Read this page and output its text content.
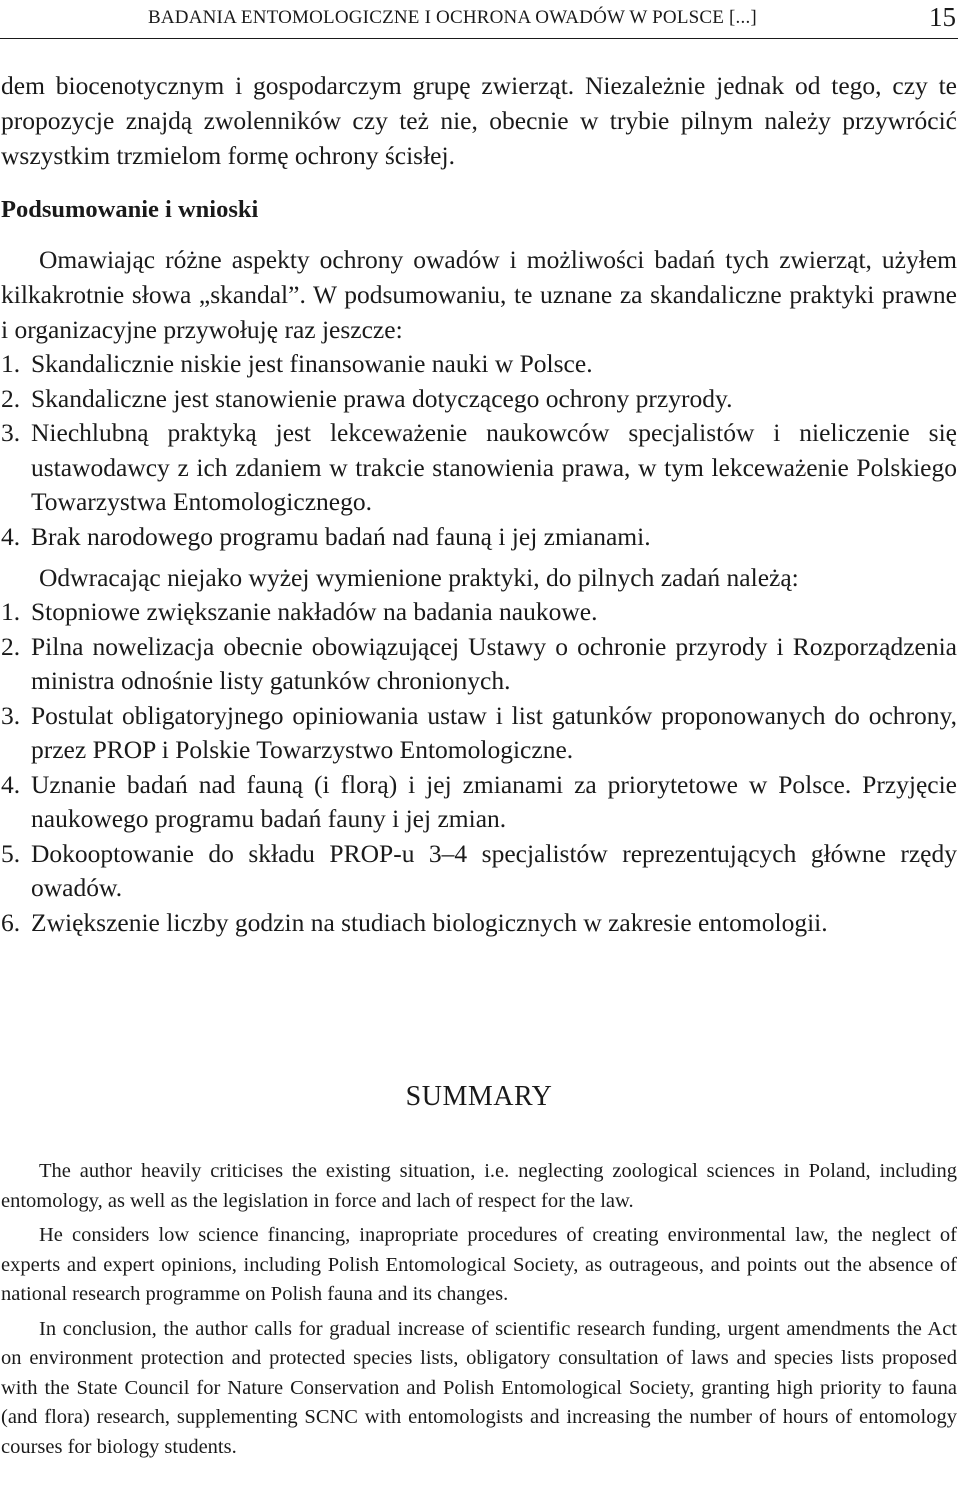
BADANIA ENTOMOLOGICZNE I OCHRONA OWADÓW W POLSCE [...]	15

dem biocenotycznym i gospodarczym grupę zwierząt. Niezależnie jednak od tego, czy te propozycje znajdą zwolenników czy też nie, obecnie w trybie pilnym należy przywrócić wszystkim trzmielom formę ochrony ścisłej.

Podsumowanie i wnioski

Omawiając różne aspekty ochrony owadów i możliwości badań tych zwierząt, użyłem kilkakrotnie słowa „skandal”. W podsumowaniu, te uznane za skandaliczne praktyki prawne i organizacyjne przywołuję raz jeszcze:

1. Skandalicznie niskie jest finansowanie nauki w Polsce.
2. Skandaliczne jest stanowienie prawa dotyczącego ochrony przyrody.
3. Niechlubną praktyką jest lekceważenie naukowców specjalistów i nieliczenie się ustawodawcy z ich zdaniem w trakcie stanowienia prawa, w tym lekceważenie Polskiego Towarzystwa Entomologicznego.
4. Brak narodowego programu badań nad fauną i jej zmianami.

Odwracając niejako wyżej wymienione praktyki, do pilnych zadań należą:

1. Stopniowe zwiększanie nakładów na badania naukowe.
2. Pilna nowelizacja obecnie obowiązującej Ustawy o ochronie przyrody i Rozporządzenia ministra odnośnie listy gatunków chronionych.
3. Postulat obligatoryjnego opiniowania ustaw i list gatunków proponowanych do ochrony, przez PROP i Polskie Towarzystwo Entomologiczne.
4. Uznanie badań nad fauną (i florą) i jej zmianami za priorytetowe w Polsce. Przyjęcie naukowego programu badań fauny i jej zmian.
5. Dokooptowanie do składu PROP-u 3–4 specjalistów reprezentujących główne rzędy owadów.
6. Zwiększenie liczby godzin na studiach biologicznych w zakresie entomologii.
SUMMARY

The author heavily criticises the existing situation, i.e. neglecting zoological sciences in Poland, including entomology, as well as the legislation in force and lach of respect for the law.

He considers low science financing, inapropriate procedures of creating environmental law, the neglect of experts and expert opinions, including Polish Entomological Society, as outrageous, and points out the absence of national research programme on Polish fauna and its changes.

In conclusion, the author calls for gradual increase of scientific research funding, urgent amendments the Act on environment protection and protected species lists, obligatory consultation of laws and species lists proposed with the State Council for Nature Conservation and Polish Entomological Society, granting high priority to fauna (and flora) research, supplementing SCNC with entomologists and increasing the number of hours of entomology courses for biology students.
